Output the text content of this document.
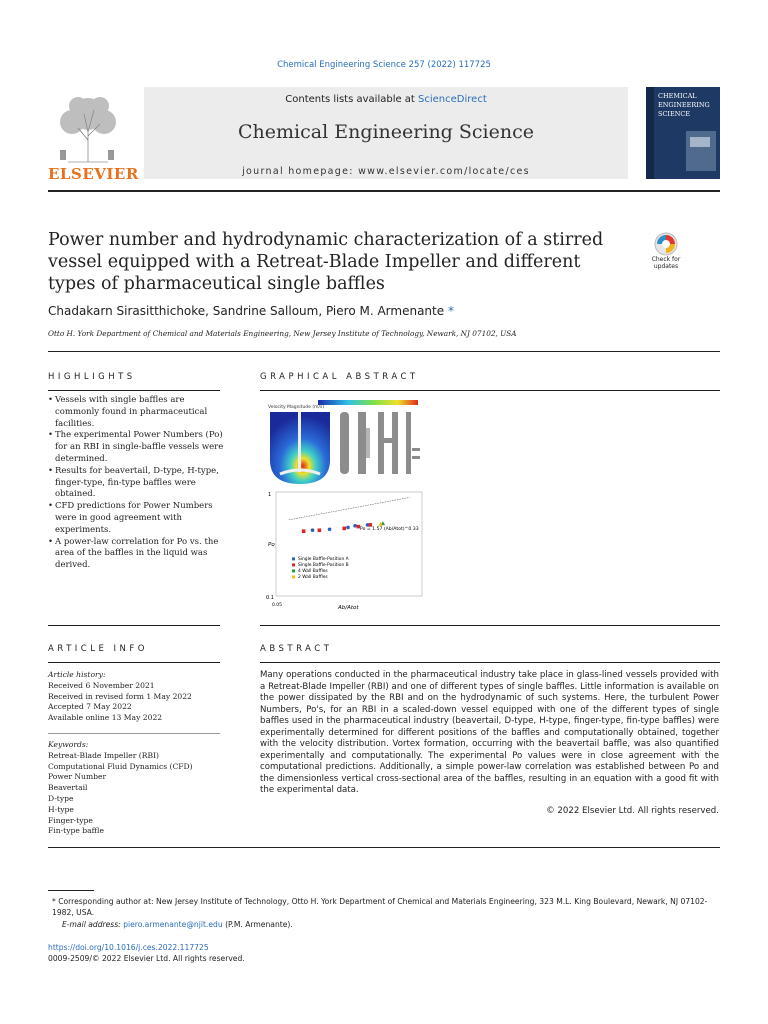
Chemical Engineering Science 257 (2022) 117725
ELSEVIER
Contents lists available at ScienceDirect
Chemical Engineering Science
journal homepage: www.elsevier.com/locate/ces
CHEMICAL ENGINEERING SCIENCE
Power number and hydrodynamic characterization of a stirred vessel equipped with a Retreat-Blade Impeller and different types of pharmaceutical single baffles
Check for updates
Chadakarn Sirasitthichoke, Sandrine Salloum, Piero M. Armenante *
Otto H. York Department of Chemical and Materials Engineering, New Jersey Institute of Technology, Newark, NJ 07102, USA
HIGHLIGHTS
• Vessels with single baffles are commonly found in pharmaceutical facilities.
• The experimental Power Numbers (Po) for an RBI in single-baffle vessels were determined.
• Results for beavertail, D-type, H-type, finger-type, fin-type baffles were obtained.
• CFD predictions for Power Numbers were in good agreement with experiments.
• A power-law correlation for Po vs. the area of the baffles in the liquid was derived.
GRAPHICAL ABSTRACT
Velocity Magnitude (m/s)
1
0.1
0.05
Po
Ab/Atot
Po = 1.57 (Ab/Atot)^0.33
Single Baffle-Position A
Single Baffle-Position B
4 Wall Baffles
2 Wall Baffles
ARTICLE INFO
Article history:
Received 6 November 2021
Received in revised form 1 May 2022
Accepted 7 May 2022
Available online 13 May 2022
Keywords:
Retreat-Blade Impeller (RBI)
Computational Fluid Dynamics (CFD)
Power Number
Beavertail
D-type
H-type
Finger-type
Fin-type baffle
ABSTRACT
Many operations conducted in the pharmaceutical industry take place in glass-lined vessels provided with a Retreat-Blade Impeller (RBI) and one of different types of single baffles. Little information is available on the power dissipated by the RBI and on the hydrodynamic of such systems. Here, the turbulent Power Numbers, Po's, for an RBI in a scaled-down vessel equipped with one of the different types of single baffles used in the pharmaceutical industry (beavertail, D-type, H-type, finger-type, fin-type baffles) were experimentally determined for different positions of the baffles and computationally obtained, together with the velocity distribution. Vortex formation, occurring with the beavertail baffle, was also quantified experimentally and computationally. The experimental Po values were in close agreement with the computational predictions. Additionally, a simple power-law correlation was established between Po and the dimensionless vertical cross-sectional area of the baffles, resulting in an equation with a good fit with the experimental data.
© 2022 Elsevier Ltd. All rights reserved.
* Corresponding author at: New Jersey Institute of Technology, Otto H. York Department of Chemical and Materials Engineering, 323 M.L. King Boulevard, Newark, NJ 07102-1982, USA.
E-mail address: piero.armenante@njit.edu (P.M. Armenante).
https://doi.org/10.1016/j.ces.2022.117725
0009-2509/© 2022 Elsevier Ltd. All rights reserved.
